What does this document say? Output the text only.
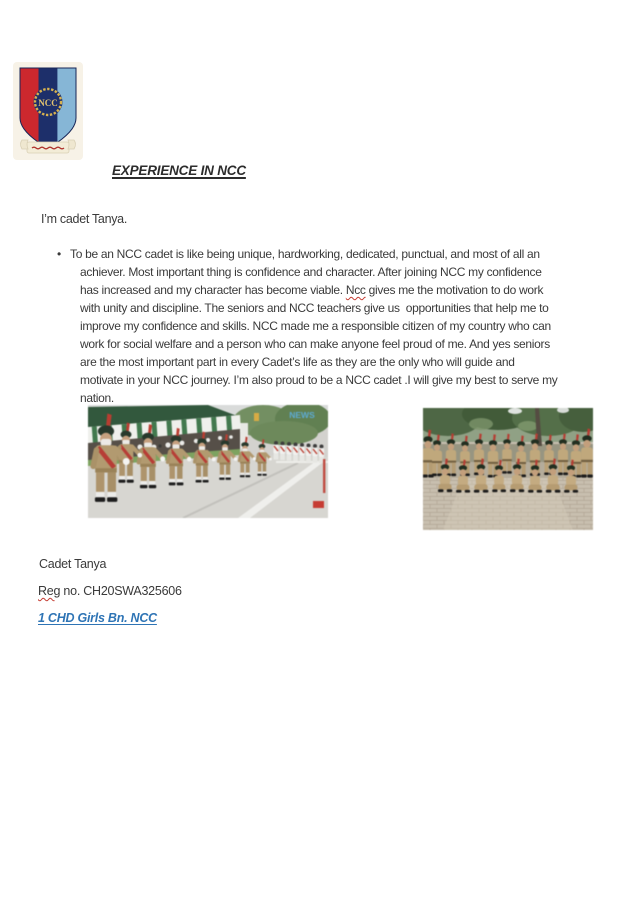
NCC
EXPERIENCE IN NCC
I’m cadet Tanya.
• To be an NCC cadet is like being unique, hardworking, dedicated, punctual, and most of all an
achiever. Most important thing is confidence and character. After joining NCC my confidence
has increased and my character has become viable. Ncc gives me the motivation to do work
with unity and discipline. The seniors and NCC teachers give us  opportunities that help me to
improve my confidence and skills. NCC made me a responsible citizen of my country who can
work for social welfare and a person who can make anyone feel proud of me. And yes seniors
are the most important part in every Cadet’s life as they are the only who will guide and
motivate in your NCC journey. I’m also proud to be a NCC cadet .I will give my best to serve my
nation.
NEWS
Cadet Tanya
Reg no. CH20SWA325606
1 CHD Girls Bn. NCC
